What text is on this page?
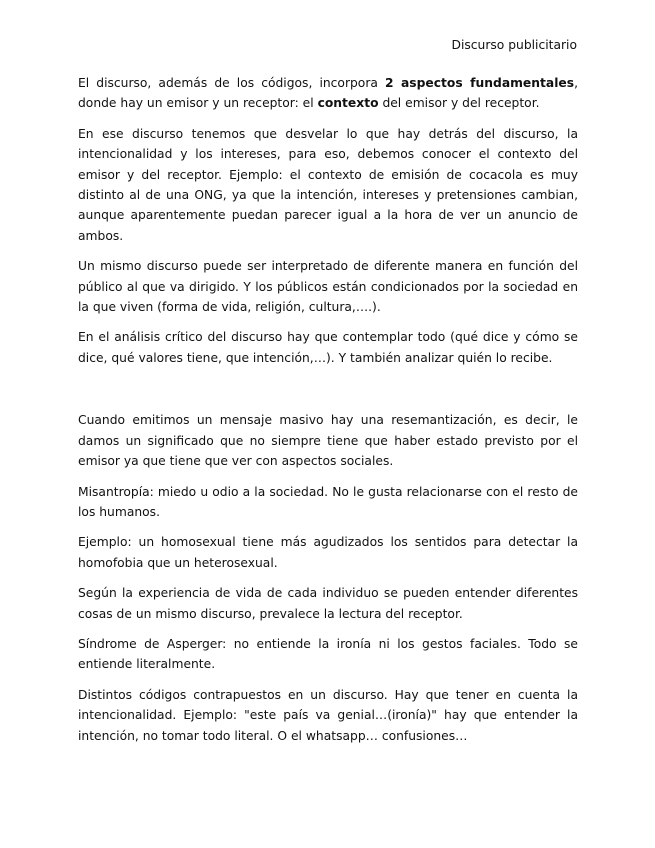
Discurso publicitario

El discurso, además de los códigos, incorpora 2 aspectos fundamentales, donde hay un emisor y un receptor: el contexto del emisor y del receptor.

En ese discurso tenemos que desvelar lo que hay detrás del discurso, la intencionalidad y los intereses, para eso, debemos conocer el contexto del emisor y del receptor. Ejemplo: el contexto de emisión de cocacola es muy distinto al de una ONG, ya que la intención, intereses y pretensiones cambian, aunque aparentemente puedan parecer igual a la hora de ver un anuncio de ambos.

Un mismo discurso puede ser interpretado de diferente manera en función del público al que va dirigido. Y los públicos están condicionados por la sociedad en la que viven (forma de vida, religión, cultura,….).

En el análisis crítico del discurso hay que contemplar todo (qué dice y cómo se dice, qué valores tiene, que intención,…). Y también analizar quién lo recibe.

Cuando emitimos un mensaje masivo hay una resemantización, es decir, le damos un significado que no siempre tiene que haber estado previsto por el emisor ya que tiene que ver con aspectos sociales.

Misantropía: miedo u odio a la sociedad. No le gusta relacionarse con el resto de los humanos.

Ejemplo: un homosexual tiene más agudizados los sentidos para detectar la homofobia que un heterosexual.

Según la experiencia de vida de cada individuo se pueden entender diferentes cosas de un mismo discurso, prevalece la lectura del receptor.

Síndrome de Asperger: no entiende la ironía ni los gestos faciales. Todo se entiende literalmente.

Distintos códigos contrapuestos en un discurso. Hay que tener en cuenta la intencionalidad. Ejemplo: "este país va genial…(ironía)" hay que entender la intención, no tomar todo literal. O el whatsapp… confusiones…
